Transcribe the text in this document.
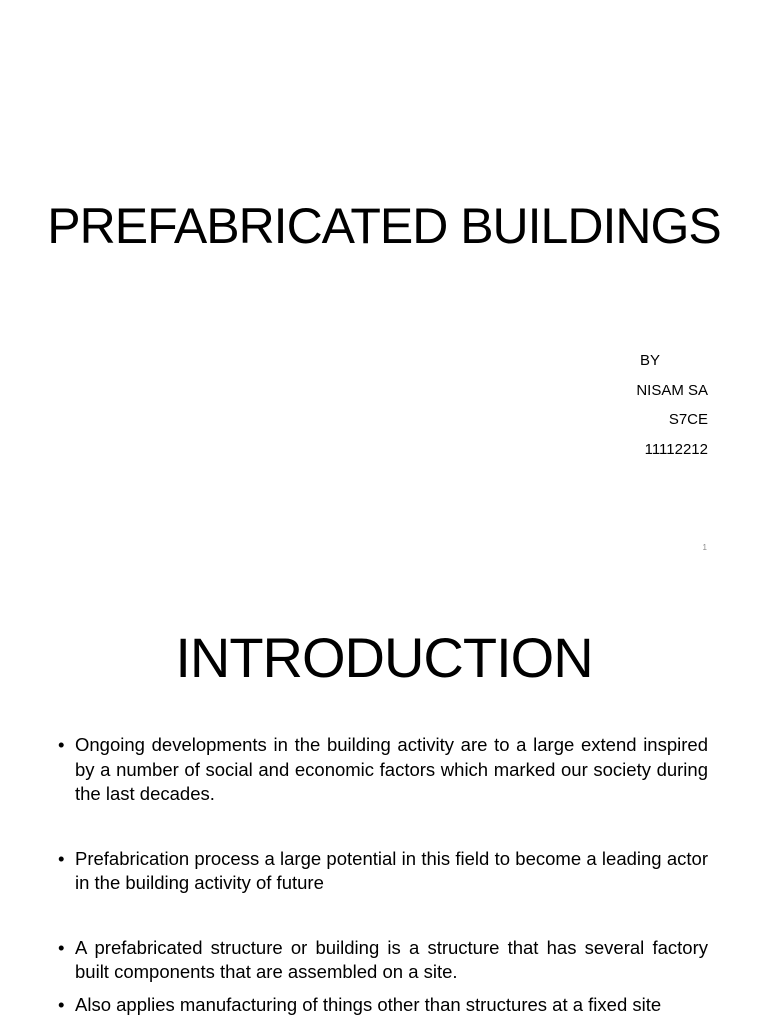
PREFABRICATED BUILDINGS
BY
NISAM SA
S7CE
11112212
1
INTRODUCTION
• Ongoing developments in the building activity are to a large extend inspired by a number of social and economic factors which marked our society during the last decades.
• Prefabrication process a large potential in this field to become a leading actor in the building activity of future
• A prefabricated structure or building is a structure that has several factory built components that are assembled on a site.
• Also applies manufacturing of things other than structures at a fixed site
